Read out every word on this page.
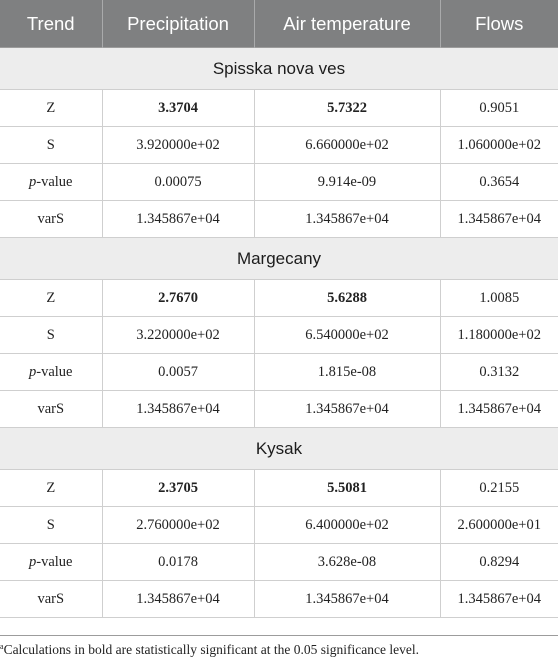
Trend	Precipitation	Air temperature	Flows
Spisska nova ves			
Z	3.3704	5.7322	0.9051
S	3.920000e+02	6.660000e+02	1.060000e+02
p-value	0.00075	9.914e-09	0.3654
varS	1.345867e+04	1.345867e+04	1.345867e+04
Margecany			
Z	2.7670	5.6288	1.0085
S	3.220000e+02	6.540000e+02	1.180000e+02
p-value	0.0057	1.815e-08	0.3132
varS	1.345867e+04	1.345867e+04	1.345867e+04
Kysak			
Z	2.3705	5.5081	0.2155
S	2.760000e+02	6.400000e+02	2.600000e+01
p-value	0.0178	3.628e-08	0.8294
varS	1.345867e+04	1.345867e+04	1.345867e+04
$^a$Calculations in bold are statistically significant at the 0.05 significance level.
